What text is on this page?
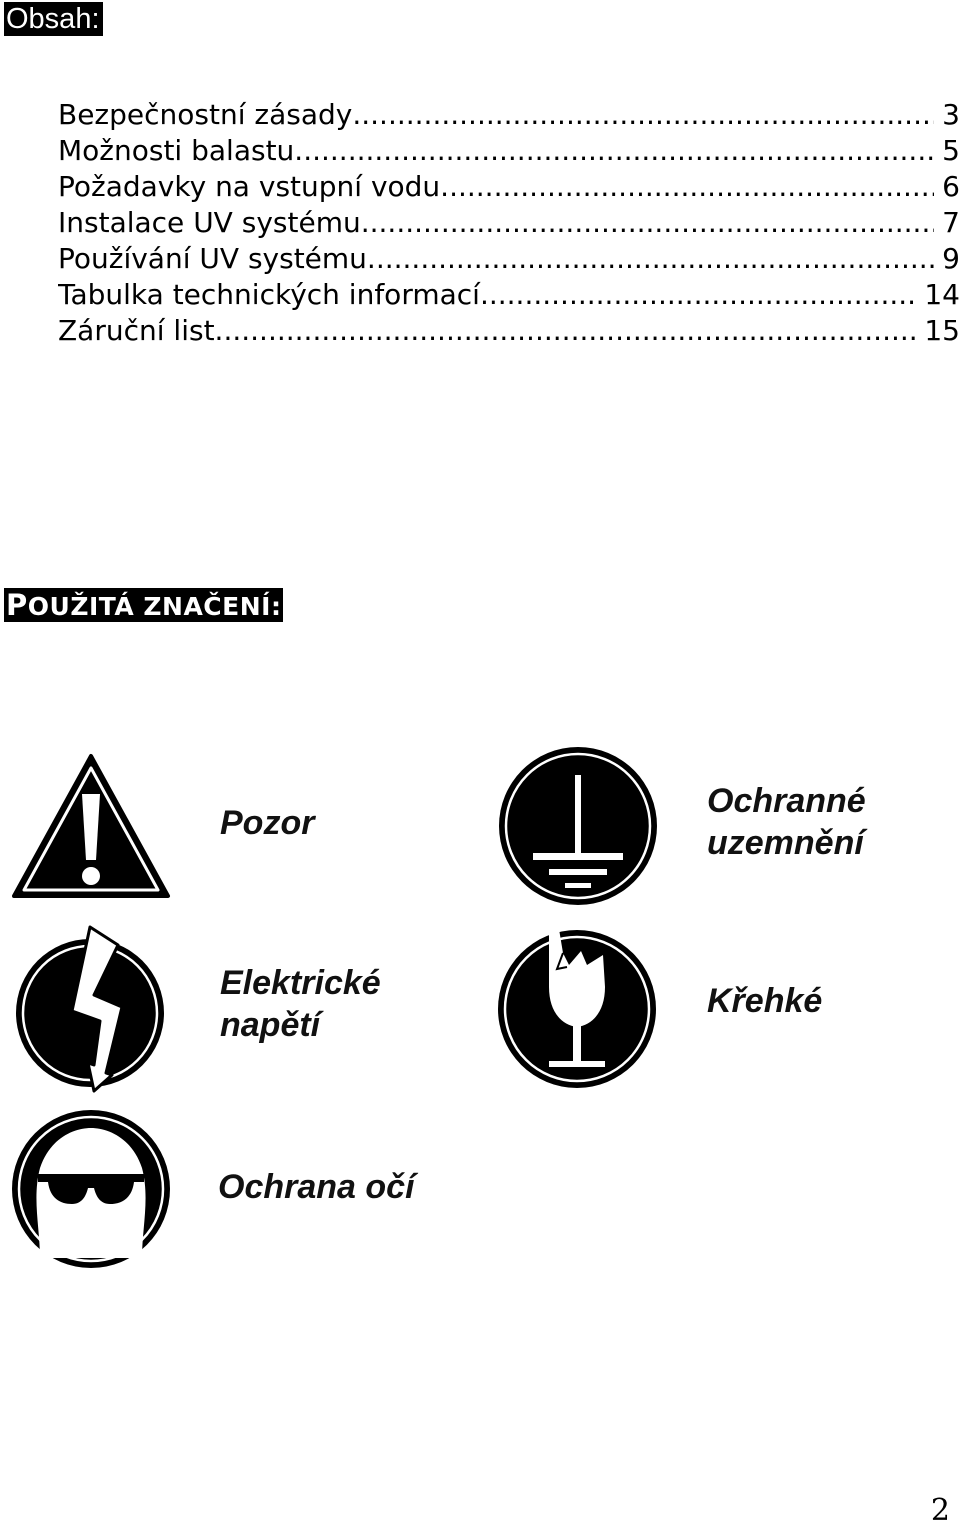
Obsah:
Bezpečnostní zásady .....	3
Možnosti balastu .....	5
Požadavky na vstupní vodu .....	6
Instalace UV systému .....	7
Používání UV systému .....	9
Tabulka technických informací .....	14
Záruční list .....	15
POUŽITÁ ZNAČENÍ:
Pozor
Ochranné
uzemnění
Elektrické
napětí
Křehké
Ochrana očí
2
